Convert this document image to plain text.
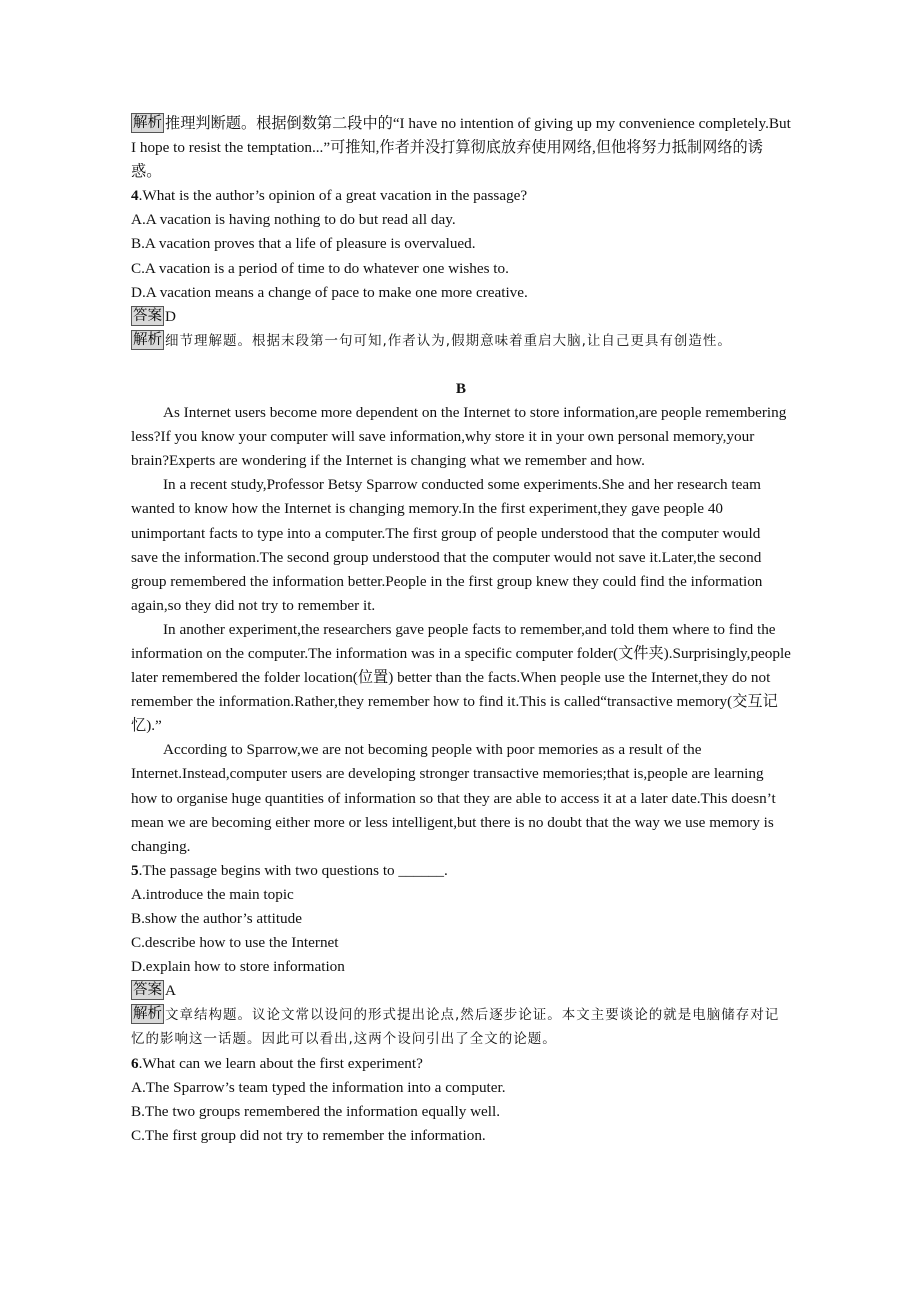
解析 推理判断题。根据倒数第二段中的“I have no intention of giving up my convenience completely.But I hope to resist the temptation...”可推知,作者并没打算彻底放弃使用网络,但他将努力抵制网络的诱惑。

4.What is the author’s opinion of a great vacation in the passage?
A.A vacation is having nothing to do but read all day.
B.A vacation proves that a life of pleasure is overvalued.
C.A vacation is a period of time to do whatever one wishes to.
D.A vacation means a change of pace to make one more creative.
答案 D
解析 细节理解题。根据末段第一句可知,作者认为,假期意味着重启大脑,让自己更具有创造性。
B

As Internet users become more dependent on the Internet to store information,are people remembering less?If you know your computer will save information,why store it in your own personal memory,your brain?Experts are wondering if the Internet is changing what we remember and how.

In a recent study,Professor Betsy Sparrow conducted some experiments.She and her research team wanted to know how the Internet is changing memory.In the first experiment,they gave people 40 unimportant facts to type into a computer.The first group of people understood that the computer would save the information.The second group understood that the computer would not save it.Later,the second group remembered the information better.People in the first group knew they could find the information again,so they did not try to remember it.

In another experiment,the researchers gave people facts to remember,and told them where to find the information on the computer.The information was in a specific computer folder(文件夹).Surprisingly,people later remembered the folder location(位置) better than the facts.When people use the Internet,they do not remember the information.Rather,they remember how to find it.This is called“transactive memory(交互记忆).”

According to Sparrow,we are not becoming people with poor memories as a result of the Internet.Instead,computer users are developing stronger transactive memories;that is,people are learning how to organise huge quantities of information so that they are able to access it at a later date.This doesn’t mean we are becoming either more or less intelligent,but there is no doubt that the way we use memory is changing.

5.The passage begins with two questions to ______.
A.introduce the main topic
B.show the author’s attitude
C.describe how to use the Internet
D.explain how to store information
答案 A

解析 文章结构题。议论文常以设问的形式提出论点,然后逐步论证。本文主要谈论的就是电脑储存对记忆的影响这一话题。因此可以看出,这两个设问引出了全文的论题。

6.What can we learn about the first experiment?
A.The Sparrow’s team typed the information into a computer.
B.The two groups remembered the information equally well.
C.The first group did not try to remember the information.
